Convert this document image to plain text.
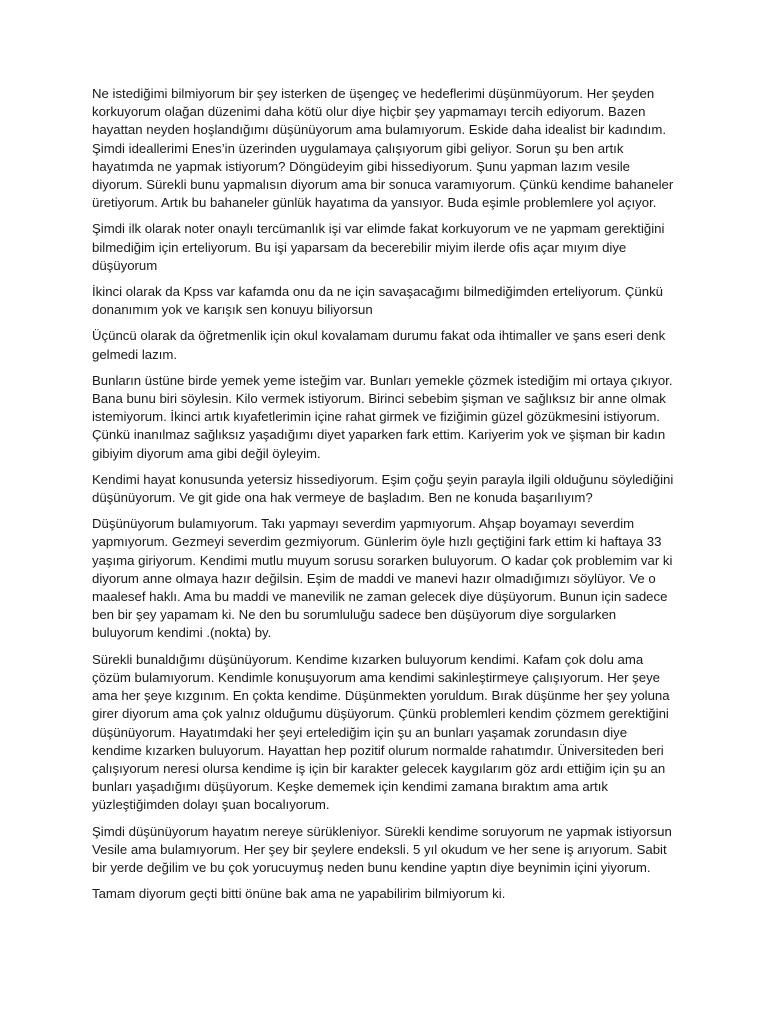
Ne istediğimi bilmiyorum bir şey isterken de üşengeç ve hedeflerimi düşünmüyorum. Her şeyden korkuyorum olağan düzenimi daha kötü olur diye hiçbir şey yapmamayı tercih ediyorum. Bazen hayattan neyden hoşlandığımı düşünüyorum ama bulamıyorum. Eskide daha idealist bir kadındım. Şimdi ideallerimi Enes’in üzerinden uygulamaya çalışıyorum gibi geliyor. Sorun şu ben artık hayatımda ne yapmak istiyorum? Döngüdeyim gibi hissediyorum. Şunu yapman lazım vesile diyorum. Sürekli bunu yapmalısın diyorum ama bir sonuca varamıyorum. Çünkü kendime bahaneler üretiyorum. Artık bu bahaneler günlük hayatıma da yansıyor. Buda eşimle problemlere yol açıyor.

Şimdi ilk olarak noter onaylı tercümanlık işi var elimde fakat korkuyorum ve ne yapmam gerektiğini bilmediğim için erteliyorum. Bu işi yaparsam da becerebilir miyim ilerde ofis açar mıyım diye düşüyorum

İkinci olarak da Kpss var kafamda onu da ne için savaşacağımı bilmediğimden erteliyorum. Çünkü donanımım yok ve karışık sen konuyu biliyorsun

Üçüncü olarak da öğretmenlik için okul kovalamam durumu fakat oda ihtimaller ve şans eseri denk gelmedi lazım.

Bunların üstüne birde yemek yeme isteğim var. Bunları yemekle çözmek istediğim mi ortaya çıkıyor. Bana bunu biri söylesin. Kilo vermek istiyorum. Birinci sebebim şişman ve sağlıksız bir anne olmak istemiyorum. İkinci artık kıyafetlerimin içine rahat girmek ve fiziğimin güzel gözükmesini istiyorum. Çünkü inanılmaz sağlıksız yaşadığımı diyet yaparken fark ettim. Kariyerim yok ve şişman bir kadın gibiyim diyorum ama gibi değil öyleyim.

Kendimi hayat konusunda yetersiz hissediyorum. Eşim çoğu şeyin parayla ilgili olduğunu söylediğini düşünüyorum. Ve git gide ona hak vermeye de başladım. Ben ne konuda başarılıyım?

Düşünüyorum bulamıyorum. Takı yapmayı severdim yapmıyorum. Ahşap boyamayı severdim yapmıyorum. Gezmeyi severdim gezmiyorum. Günlerim öyle hızlı geçtiğini fark ettim ki haftaya 33 yaşıma giriyorum. Kendimi mutlu muyum sorusu sorarken buluyorum. O kadar çok problemim var ki diyorum anne olmaya hazır değilsin. Eşim de maddi ve manevi hazır olmadığımızı söylüyor. Ve o maalesef haklı. Ama bu maddi ve manevilik ne zaman gelecek diye düşüyorum. Bunun için sadece ben bir şey yapamam ki. Ne den bu sorumluluğu sadece ben düşüyorum diye sorgularken buluyorum kendimi .(nokta) by.

Sürekli bunaldığımı düşünüyorum. Kendime kızarken buluyorum kendimi. Kafam çok dolu ama çözüm bulamıyorum. Kendimle konuşuyorum ama kendimi sakinleştirmeye çalışıyorum. Her şeye ama her şeye kızgınım. En çokta kendime. Düşünmekten yoruldum. Bırak düşünme her şey yoluna girer diyorum ama çok yalnız olduğumu düşüyorum. Çünkü problemleri kendim çözmem gerektiğini düşünüyorum. Hayatımdaki her şeyi ertelediğim için şu an bunları yaşamak zorundasın diye kendime kızarken buluyorum. Hayattan hep pozitif olurum normalde rahatımdır. Üniversiteden beri çalışıyorum neresi olursa kendime iş için bir karakter gelecek kaygılarım göz ardı ettiğim için şu an bunları yaşadığımı düşüyorum. Keşke dememek için kendimi zamana bıraktım ama artık yüzleştiğimden dolayı şuan bocalıyorum.

Şimdi düşünüyorum hayatım nereye sürükleniyor. Sürekli kendime soruyorum ne yapmak istiyorsun Vesile ama bulamıyorum. Her şey bir şeylere endeksli. 5 yıl okudum ve her sene iş arıyorum. Sabit bir yerde değilim ve bu çok yorucuymuş neden bunu kendine yaptın diye beynimin içini yiyorum.

Tamam diyorum geçti bitti önüne bak ama ne yapabilirim bilmiyorum ki.
